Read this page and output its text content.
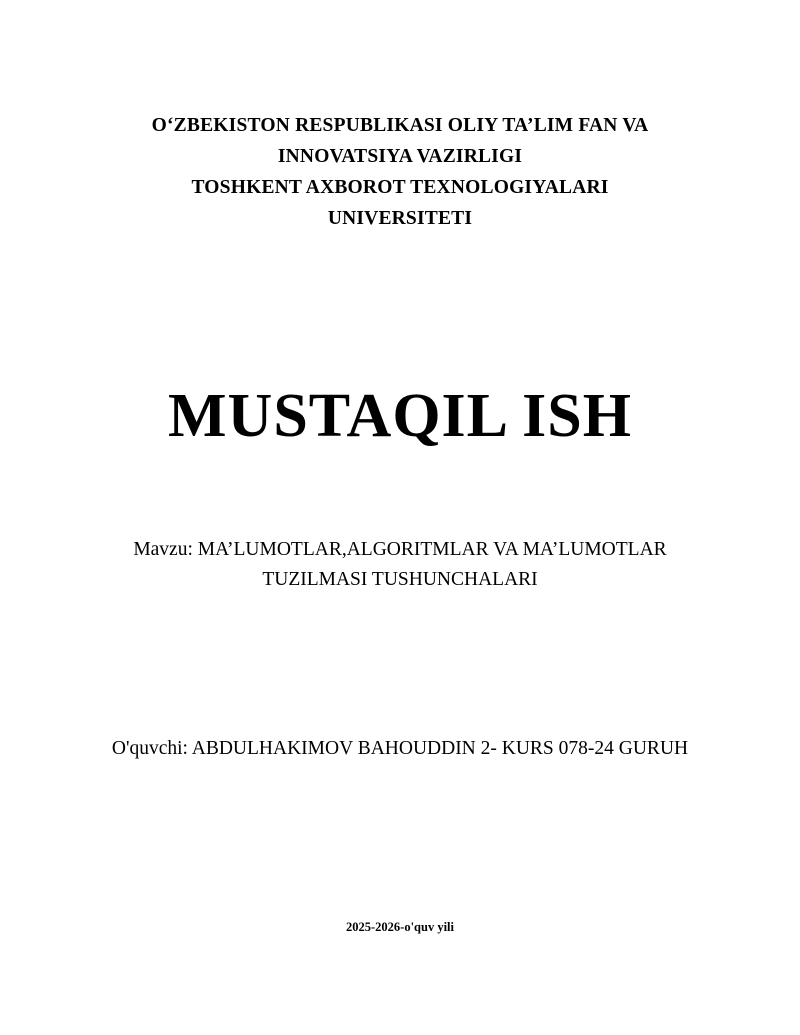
O‘ZBEKISTON RESPUBLIKASI OLIY TA’LIM FAN VA
INNOVATSIYA VAZIRLIGI
TOSHKENT AXBOROT TEXNOLOGIYALARI
UNIVERSITETI
MUSTAQIL ISH
Mavzu: MA’LUMOTLAR,ALGORITMLAR VA MA’LUMOTLAR
TUZILMASI TUSHUNCHALARI
O'quvchi: ABDULHAKIMOV BAHOUDDIN 2- KURS 078-24 GURUH
2025-2026-o'quv yili
